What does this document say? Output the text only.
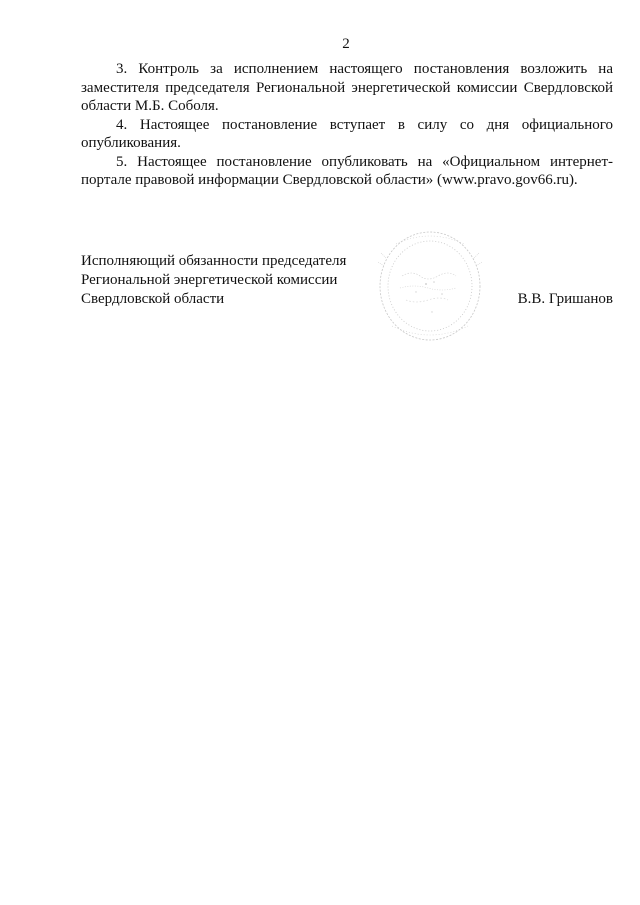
2

3. Контроль за исполнением настоящего постановления возложить на заместителя председателя Региональной энергетической комиссии Свердловской области М.Б. Соболя.

4. Настоящее постановление вступает в силу со дня официального опубликования.

5. Настоящее постановление опубликовать на «Официальном интернет-портале правовой информации Свердловской области» (www.pravo.gov66.ru).

Исполняющий обязанности председателя
Региональной энергетической комиссии
Свердловской области	В.В. Гришанов
